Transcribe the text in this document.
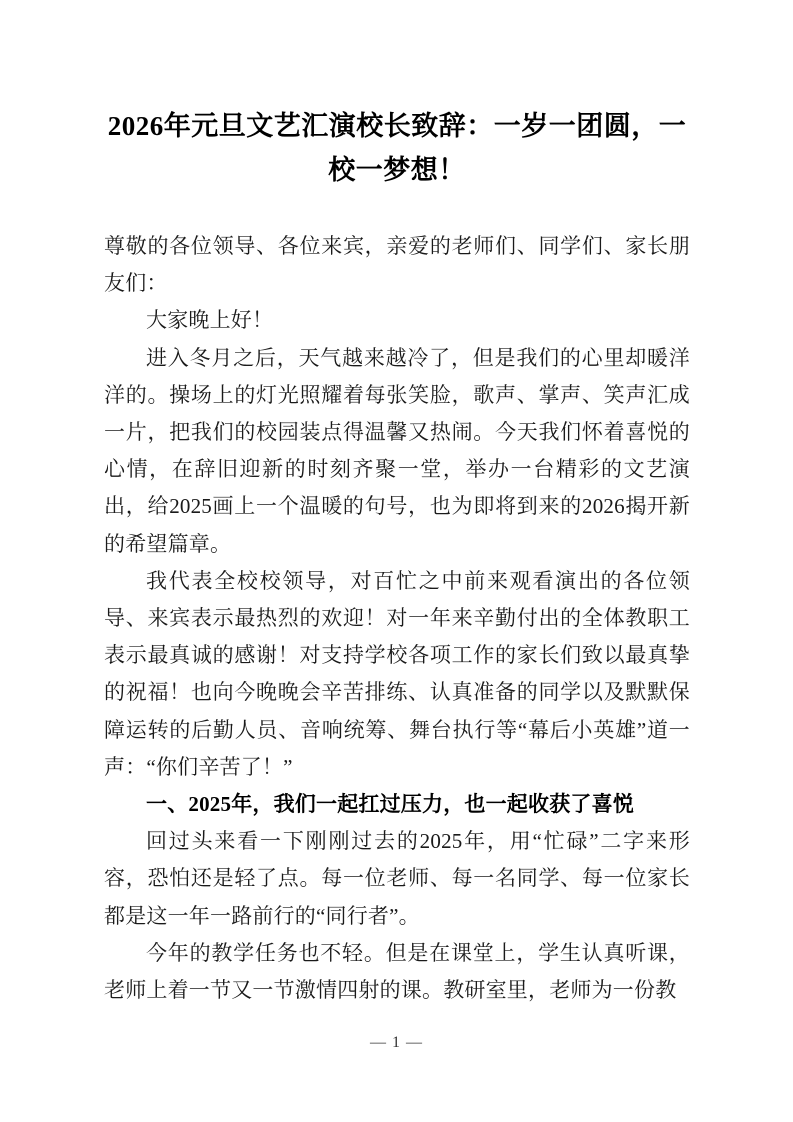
2026年元旦文艺汇演校长致辞：一岁一团圆，一校一梦想！

尊敬的各位领导、各位来宾，亲爱的老师们、同学们、家长朋友们：

大家晚上好！

进入冬月之后，天气越来越冷了，但是我们的心里却暖洋洋的。操场上的灯光照耀着每张笑脸，歌声、掌声、笑声汇成一片，把我们的校园装点得温馨又热闹。今天我们怀着喜悦的心情，在辞旧迎新的时刻齐聚一堂，举办一台精彩的文艺演出，给2025画上一个温暖的句号，也为即将到来的2026揭开新的希望篇章。

我代表全校校领导，对百忙之中前来观看演出的各位领导、来宾表示最热烈的欢迎！对一年来辛勤付出的全体教职工表示最真诚的感谢！对支持学校各项工作的家长们致以最真挚的祝福！也向今晚晚会辛苦排练、认真准备的同学以及默默保障运转的后勤人员、音响统筹、舞台执行等“幕后小英雄”道一声：“你们辛苦了！”

一、2025年，我们一起扛过压力，也一起收获了喜悦

回过头来看一下刚刚过去的2025年，用“忙碌”二字来形容，恐怕还是轻了点。每一位老师、每一名同学、每一位家长都是这一年一路前行的“同行者”。

今年的教学任务也不轻。但是在课堂上，学生认真听课，老师上着一节又一节激情四射的课。教研室里，老师为一份教

— 1 —
